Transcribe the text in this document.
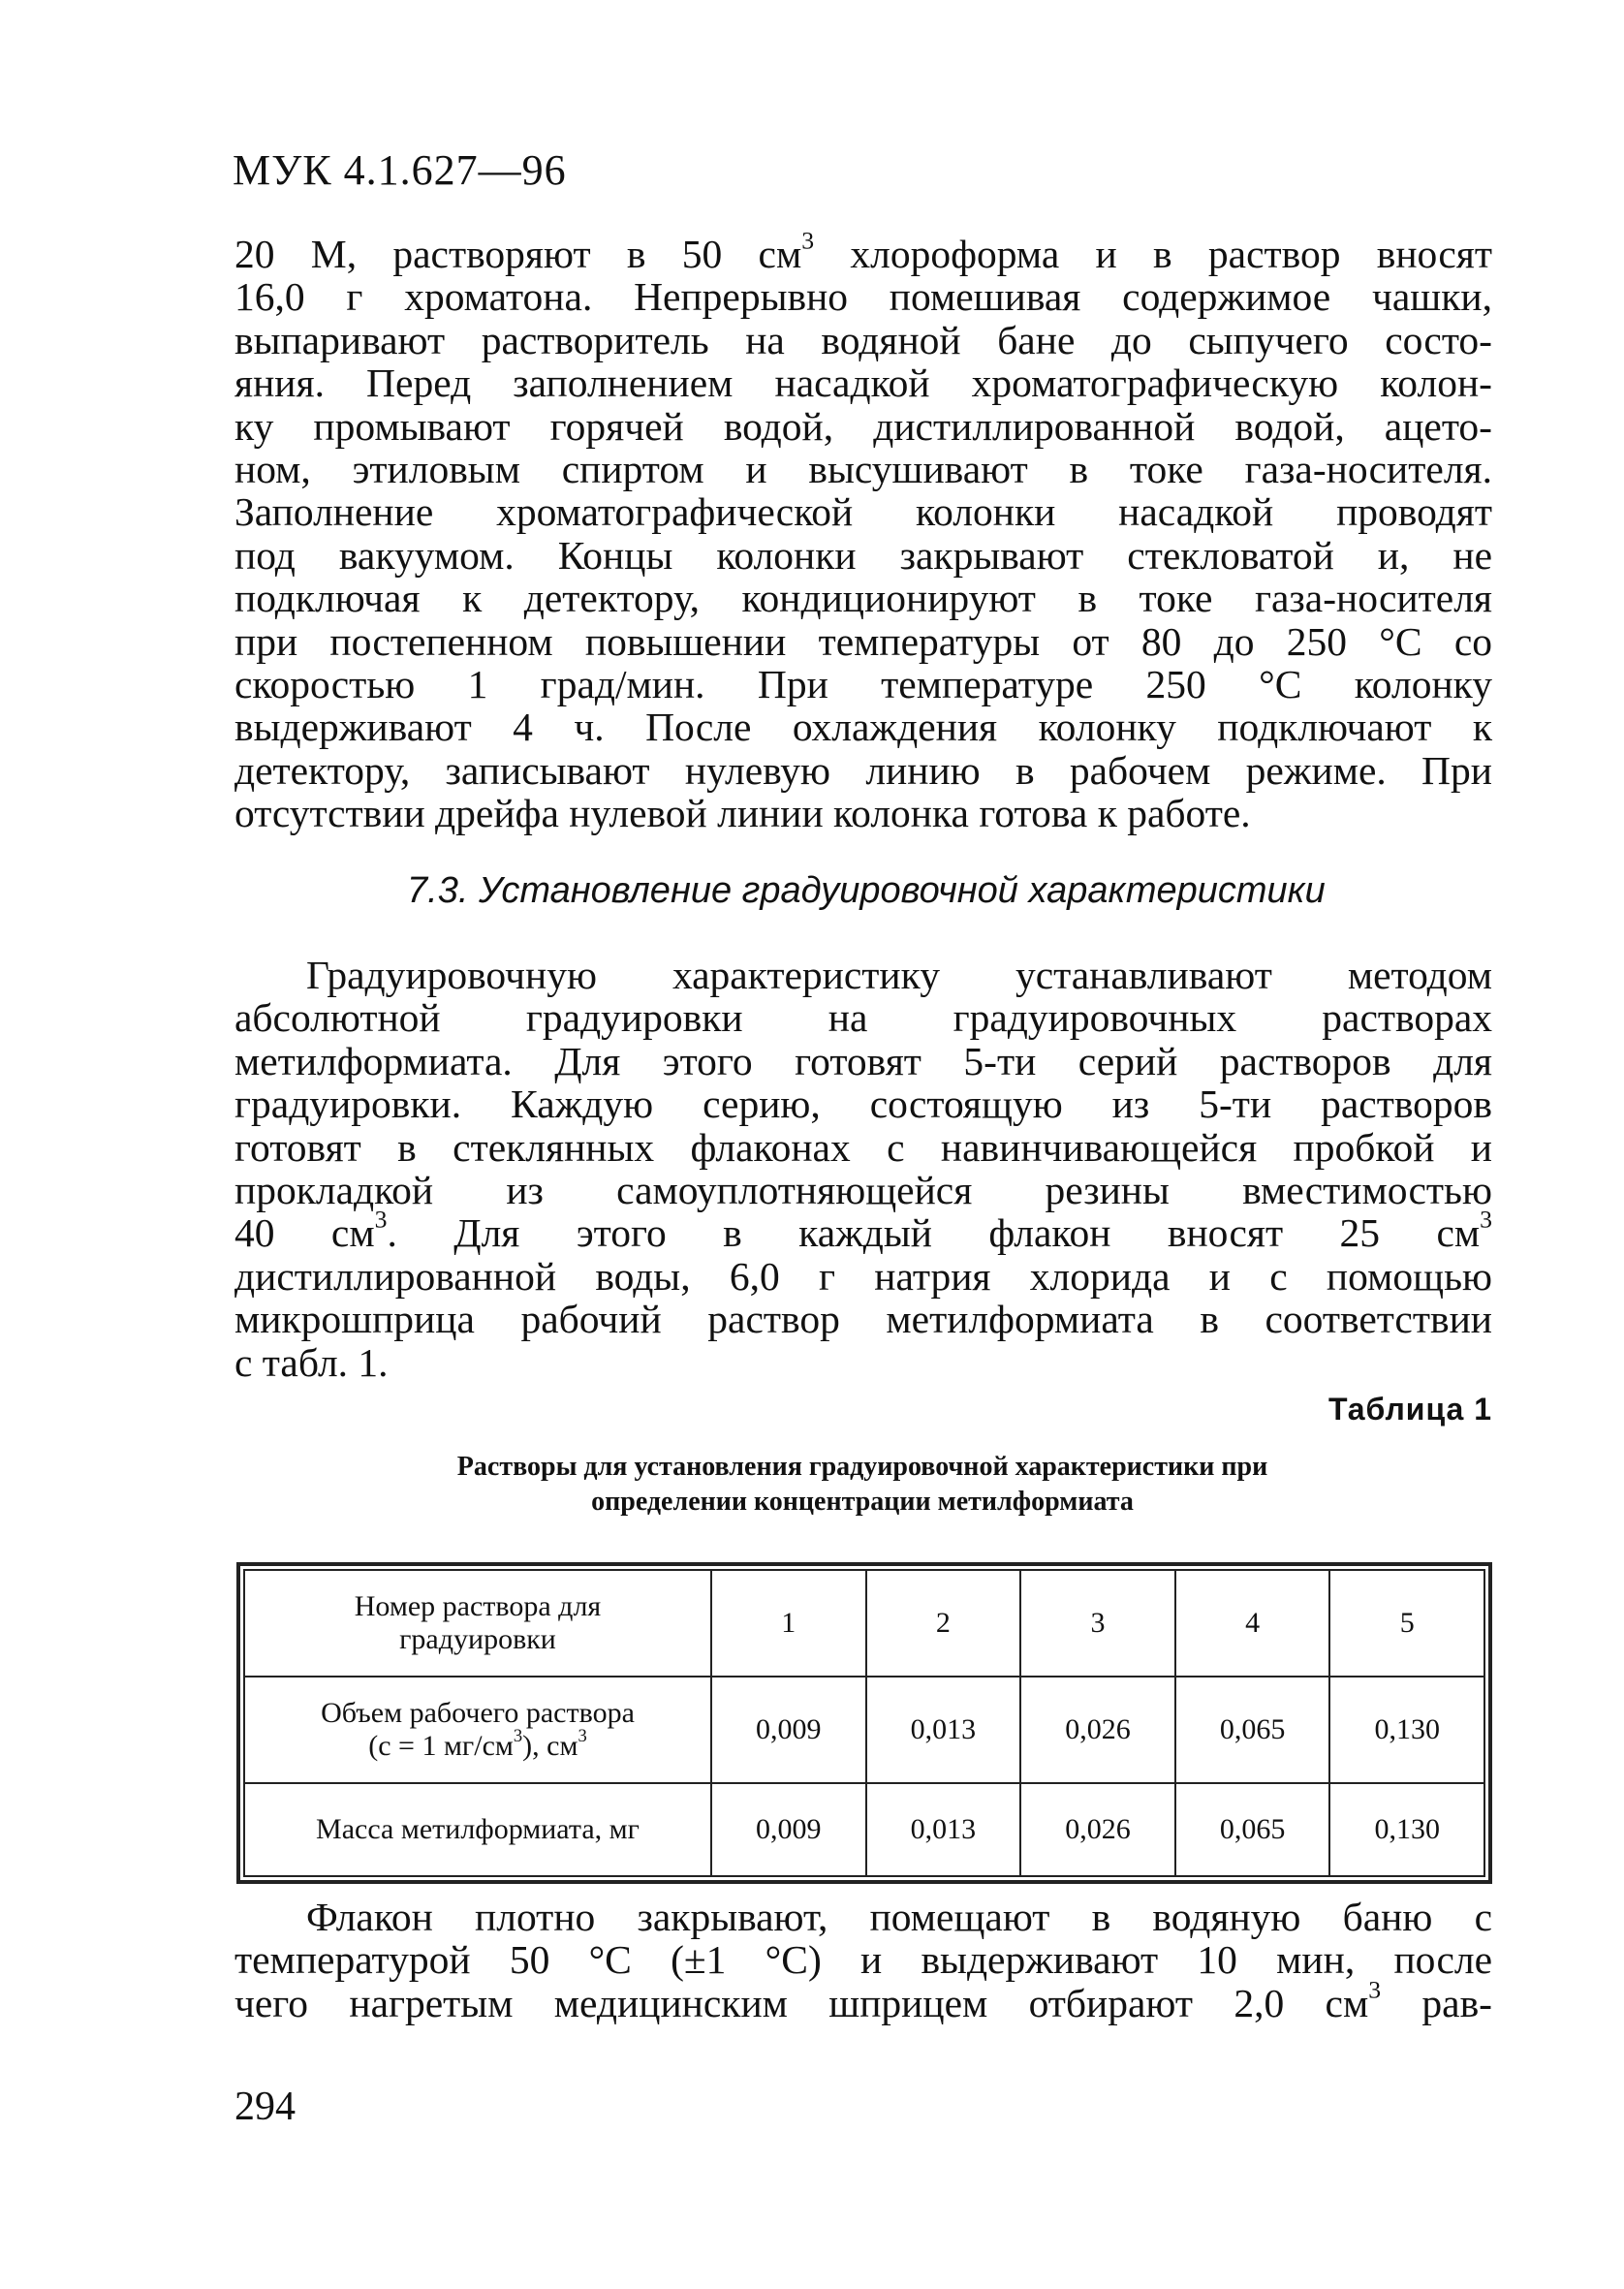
МУК 4.1.627—96
20 М, растворяют в 50 $см^3$ хлороформа и в раствор вносят
16,0 г хроматона. Непрерывно помешивая содержимое чашки,
выпаривают растворитель на водяной бане до сыпучего состо-
яния. Перед заполнением насадкой хроматографическую колон-
ку промывают горячей водой, дистиллированной водой, ацето-
ном, этиловым спиртом и высушивают в токе газа-носителя.
Заполнение хроматографической колонки насадкой проводят
под вакуумом. Концы колонки закрывают стекловатой и, не
подключая к детектору, кондиционируют в токе газа-носителя
при постепенном повышении температуры от 80 до 250 °С со
скоростью 1 град/мин. При температуре 250 °С колонку
выдерживают 4 ч. После охлаждения колонку подключают к
детектору, записывают нулевую линию в рабочем режиме. При
отсутствии дрейфа нулевой линии колонка готова к работе.
7.3. Установление градуировочной характеристики
Градуировочную характеристику устанавливают методом
абсолютной градуировки на градуировочных растворах
метилформиата. Для этого готовят 5-ти серий растворов для
градуировки. Каждую серию, состоящую из 5-ти растворов
готовят в стеклянных флаконах с навинчивающейся пробкой и
прокладкой из самоуплотняющейся резины вместимостью
40 $см^3$. Для этого в каждый флакон вносят 25 $см^3$
дистиллированной воды, 6,0 г натрия хлорида и с помощью
микрошприца рабочий раствор метилформиата в соответствии
с табл. 1.
Таблица 1
Растворы для установления градуировочной характеристики при
определении концентрации метилформиата
Номер раствора для
градуировки	1	2	3	4	5

Объем рабочего раствора
(с = 1 $мг/см^3$), $см^3$	0,009	0,013	0,026	0,065	0,130
Масса метилформиата, мг	0,009	0,013	0,026	0,065	0,130
Флакон плотно закрывают, помещают в водяную баню с
температурой 50 °С (±1 °С) и выдерживают 10 мин, после
чего нагретым медицинским шприцем отбирают 2,0 $см^3$ рав-
294
